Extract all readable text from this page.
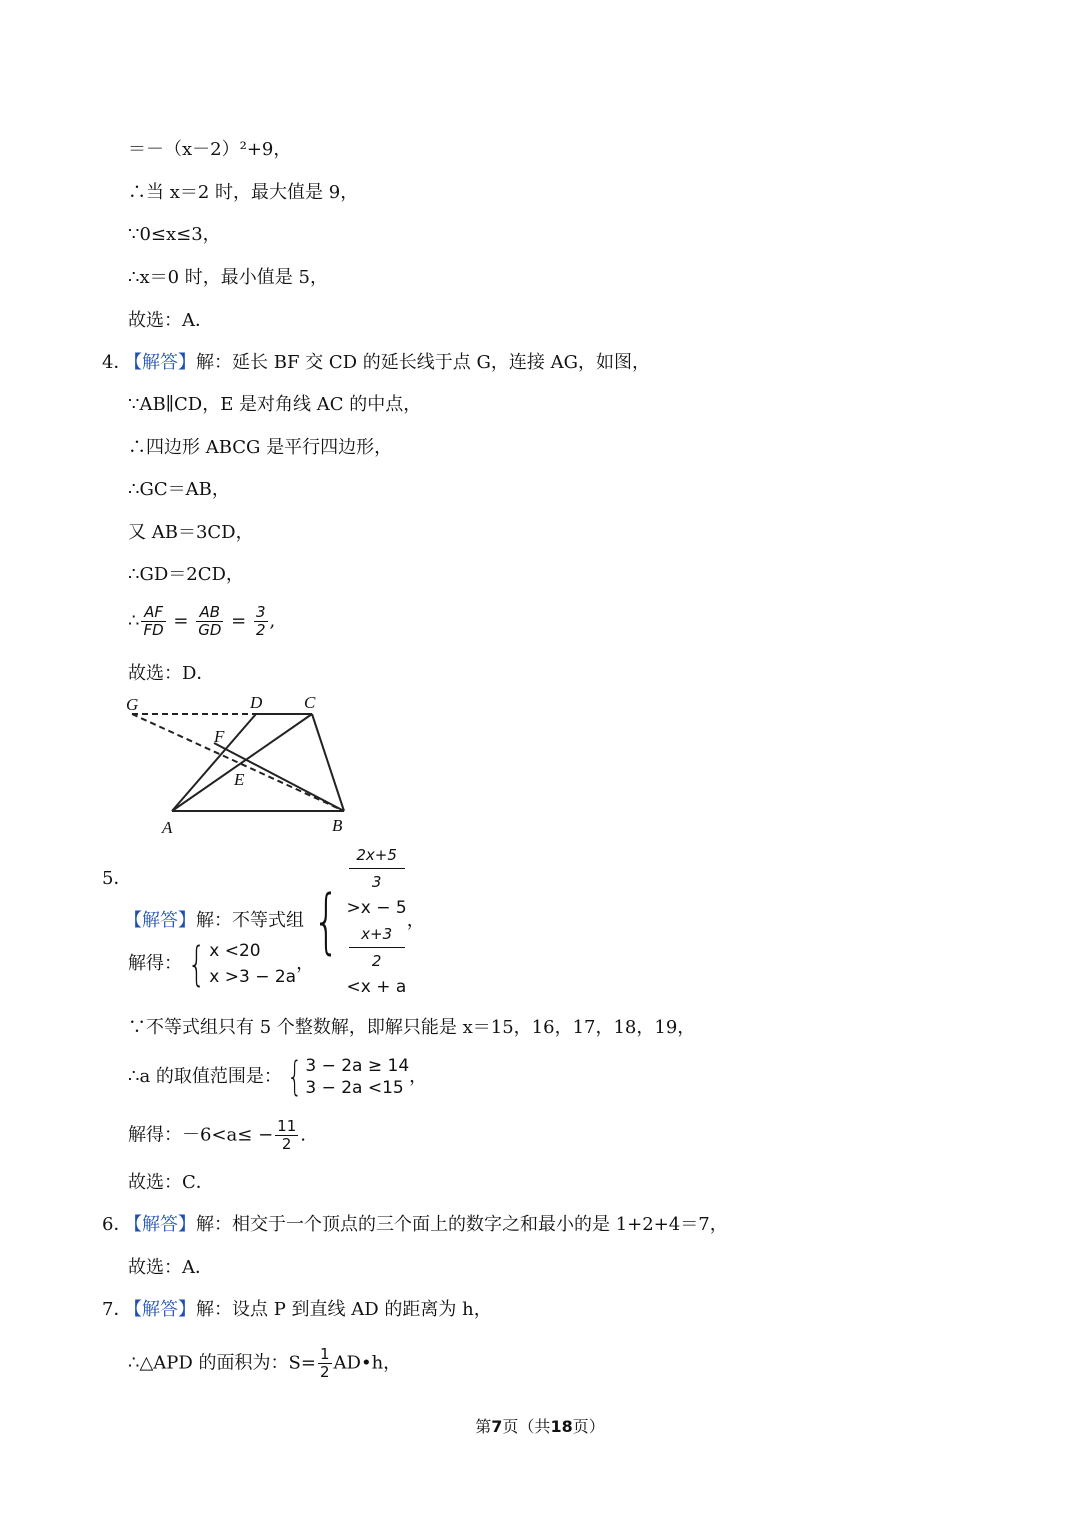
＝－（x－2）²+9，
∴当 x＝2 时，最大值是 9，
∵0≤x≤3，
∴x＝0 时，最小值是 5，
故选：A．
4．
【解答】解：延长 BF 交 CD 的延长线于点 G，连接 AG，如图，
∵AB∥CD，E 是对角线 AC 的中点，
∴四边形 ABCG 是平行四边形，
∴GC＝AB，
又 AB＝3CD，
∴GD＝2CD，
∴ $\frac{AF}{FD} = \frac{AB}{GD} = \frac{3}{2}$ ,
故选：D．
G	D C
F
E
A	B
5．
【解答】解：不等式组 {
2x+5
3
>x − 5
x+3
2
<x + a
，
解得： { x <20
x >3 − 2a
，
∵不等式组只有 5 个整数解，即解只能是 x＝15，16，17，18，19，
∴a 的取值范围是： { 3 − 2a ≥ 14
3 − 2a <15
，
解得：$-6<a\le - \frac{11}{2}$ .
故选：C．
6．
【解答】解：相交于一个顶点的三个面上的数字之和最小的是 1+2+4＝7，
故选：A．
7．
【解答】解：设点 P 到直线 AD 的距离为 h，
∴△APD 的面积为：$S= \frac{1}{2}$ AD•h，
第7页（共18页）
